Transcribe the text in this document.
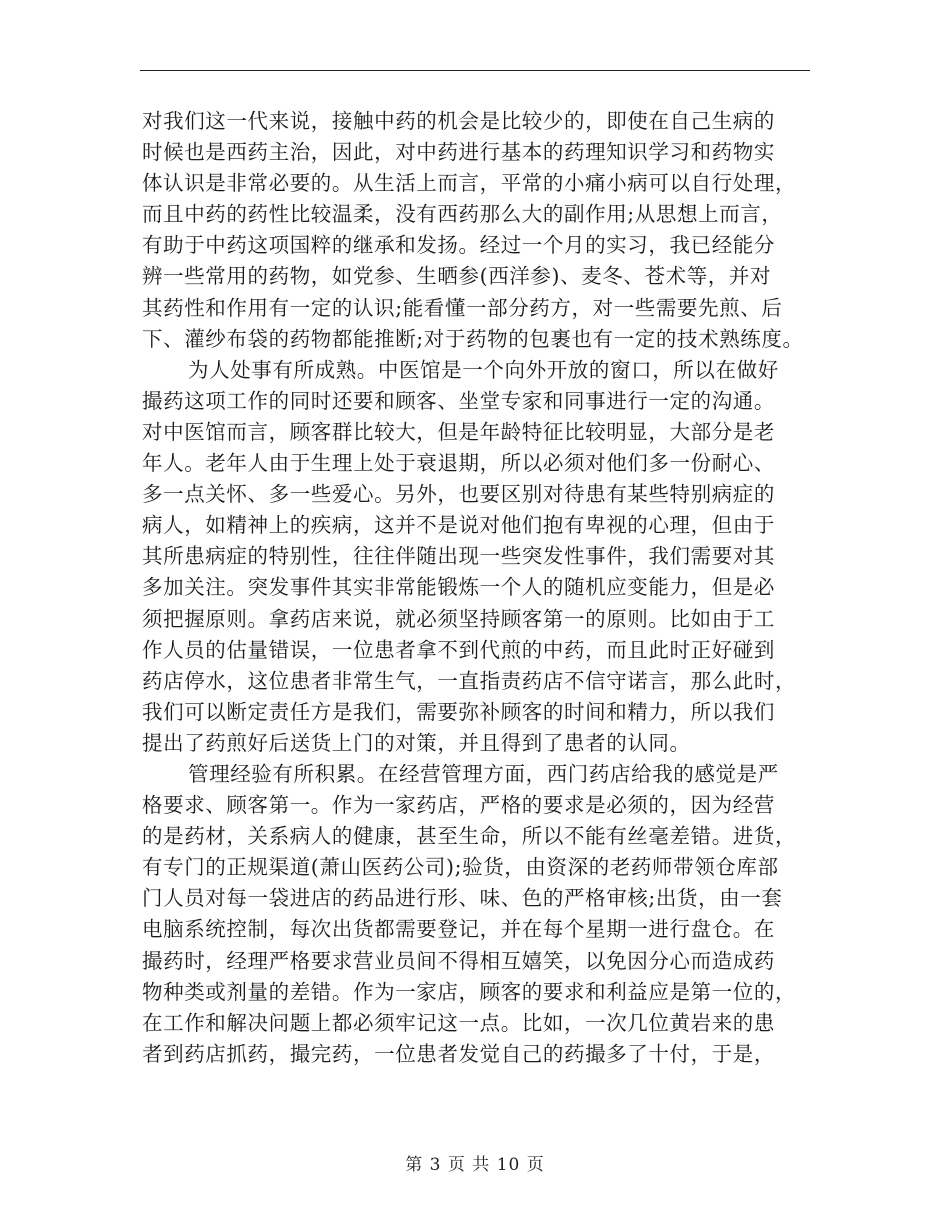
对我们这一代来说，接触中药的机会是比较少的，即使在自己生病的
时候也是西药主治，因此，对中药进行基本的药理知识学习和药物实
体认识是非常必要的。从生活上而言，平常的小痛小病可以自行处理，
而且中药的药性比较温柔，没有西药那么大的副作用;从思想上而言，
有助于中药这项国粹的继承和发扬。经过一个月的实习，我已经能分
辨一些常用的药物，如党参、生晒参(西洋参)、麦冬、苍术等，并对
其药性和作用有一定的认识;能看懂一部分药方，对一些需要先煎、后
下、灌纱布袋的药物都能推断;对于药物的包裹也有一定的技术熟练度。
为人处事有所成熟。中医馆是一个向外开放的窗口，所以在做好
撮药这项工作的同时还要和顾客、坐堂专家和同事进行一定的沟通。
对中医馆而言，顾客群比较大，但是年龄特征比较明显，大部分是老
年人。老年人由于生理上处于衰退期，所以必须对他们多一份耐心、
多一点关怀、多一些爱心。另外，也要区别对待患有某些特别病症的
病人，如精神上的疾病，这并不是说对他们抱有卑视的心理，但由于
其所患病症的特别性，往往伴随出现一些突发性事件，我们需要对其
多加关注。突发事件其实非常能锻炼一个人的随机应变能力，但是必
须把握原则。拿药店来说，就必须坚持顾客第一的原则。比如由于工
作人员的估量错误，一位患者拿不到代煎的中药，而且此时正好碰到
药店停水，这位患者非常生气，一直指责药店不信守诺言，那么此时，
我们可以断定责任方是我们，需要弥补顾客的时间和精力，所以我们
提出了药煎好后送货上门的对策，并且得到了患者的认同。
管理经验有所积累。在经营管理方面，西门药店给我的感觉是严
格要求、顾客第一。作为一家药店，严格的要求是必须的，因为经营
的是药材，关系病人的健康，甚至生命，所以不能有丝毫差错。进货，
有专门的正规渠道(萧山医药公司);验货，由资深的老药师带领仓库部
门人员对每一袋进店的药品进行形、味、色的严格审核;出货，由一套
电脑系统控制，每次出货都需要登记，并在每个星期一进行盘仓。在
撮药时，经理严格要求营业员间不得相互嬉笑，以免因分心而造成药
物种类或剂量的差错。作为一家店，顾客的要求和利益应是第一位的，
在工作和解决问题上都必须牢记这一点。比如，一次几位黄岩来的患
者到药店抓药，撮完药，一位患者发觉自己的药撮多了十付，于是，
第 3 页 共 10 页
